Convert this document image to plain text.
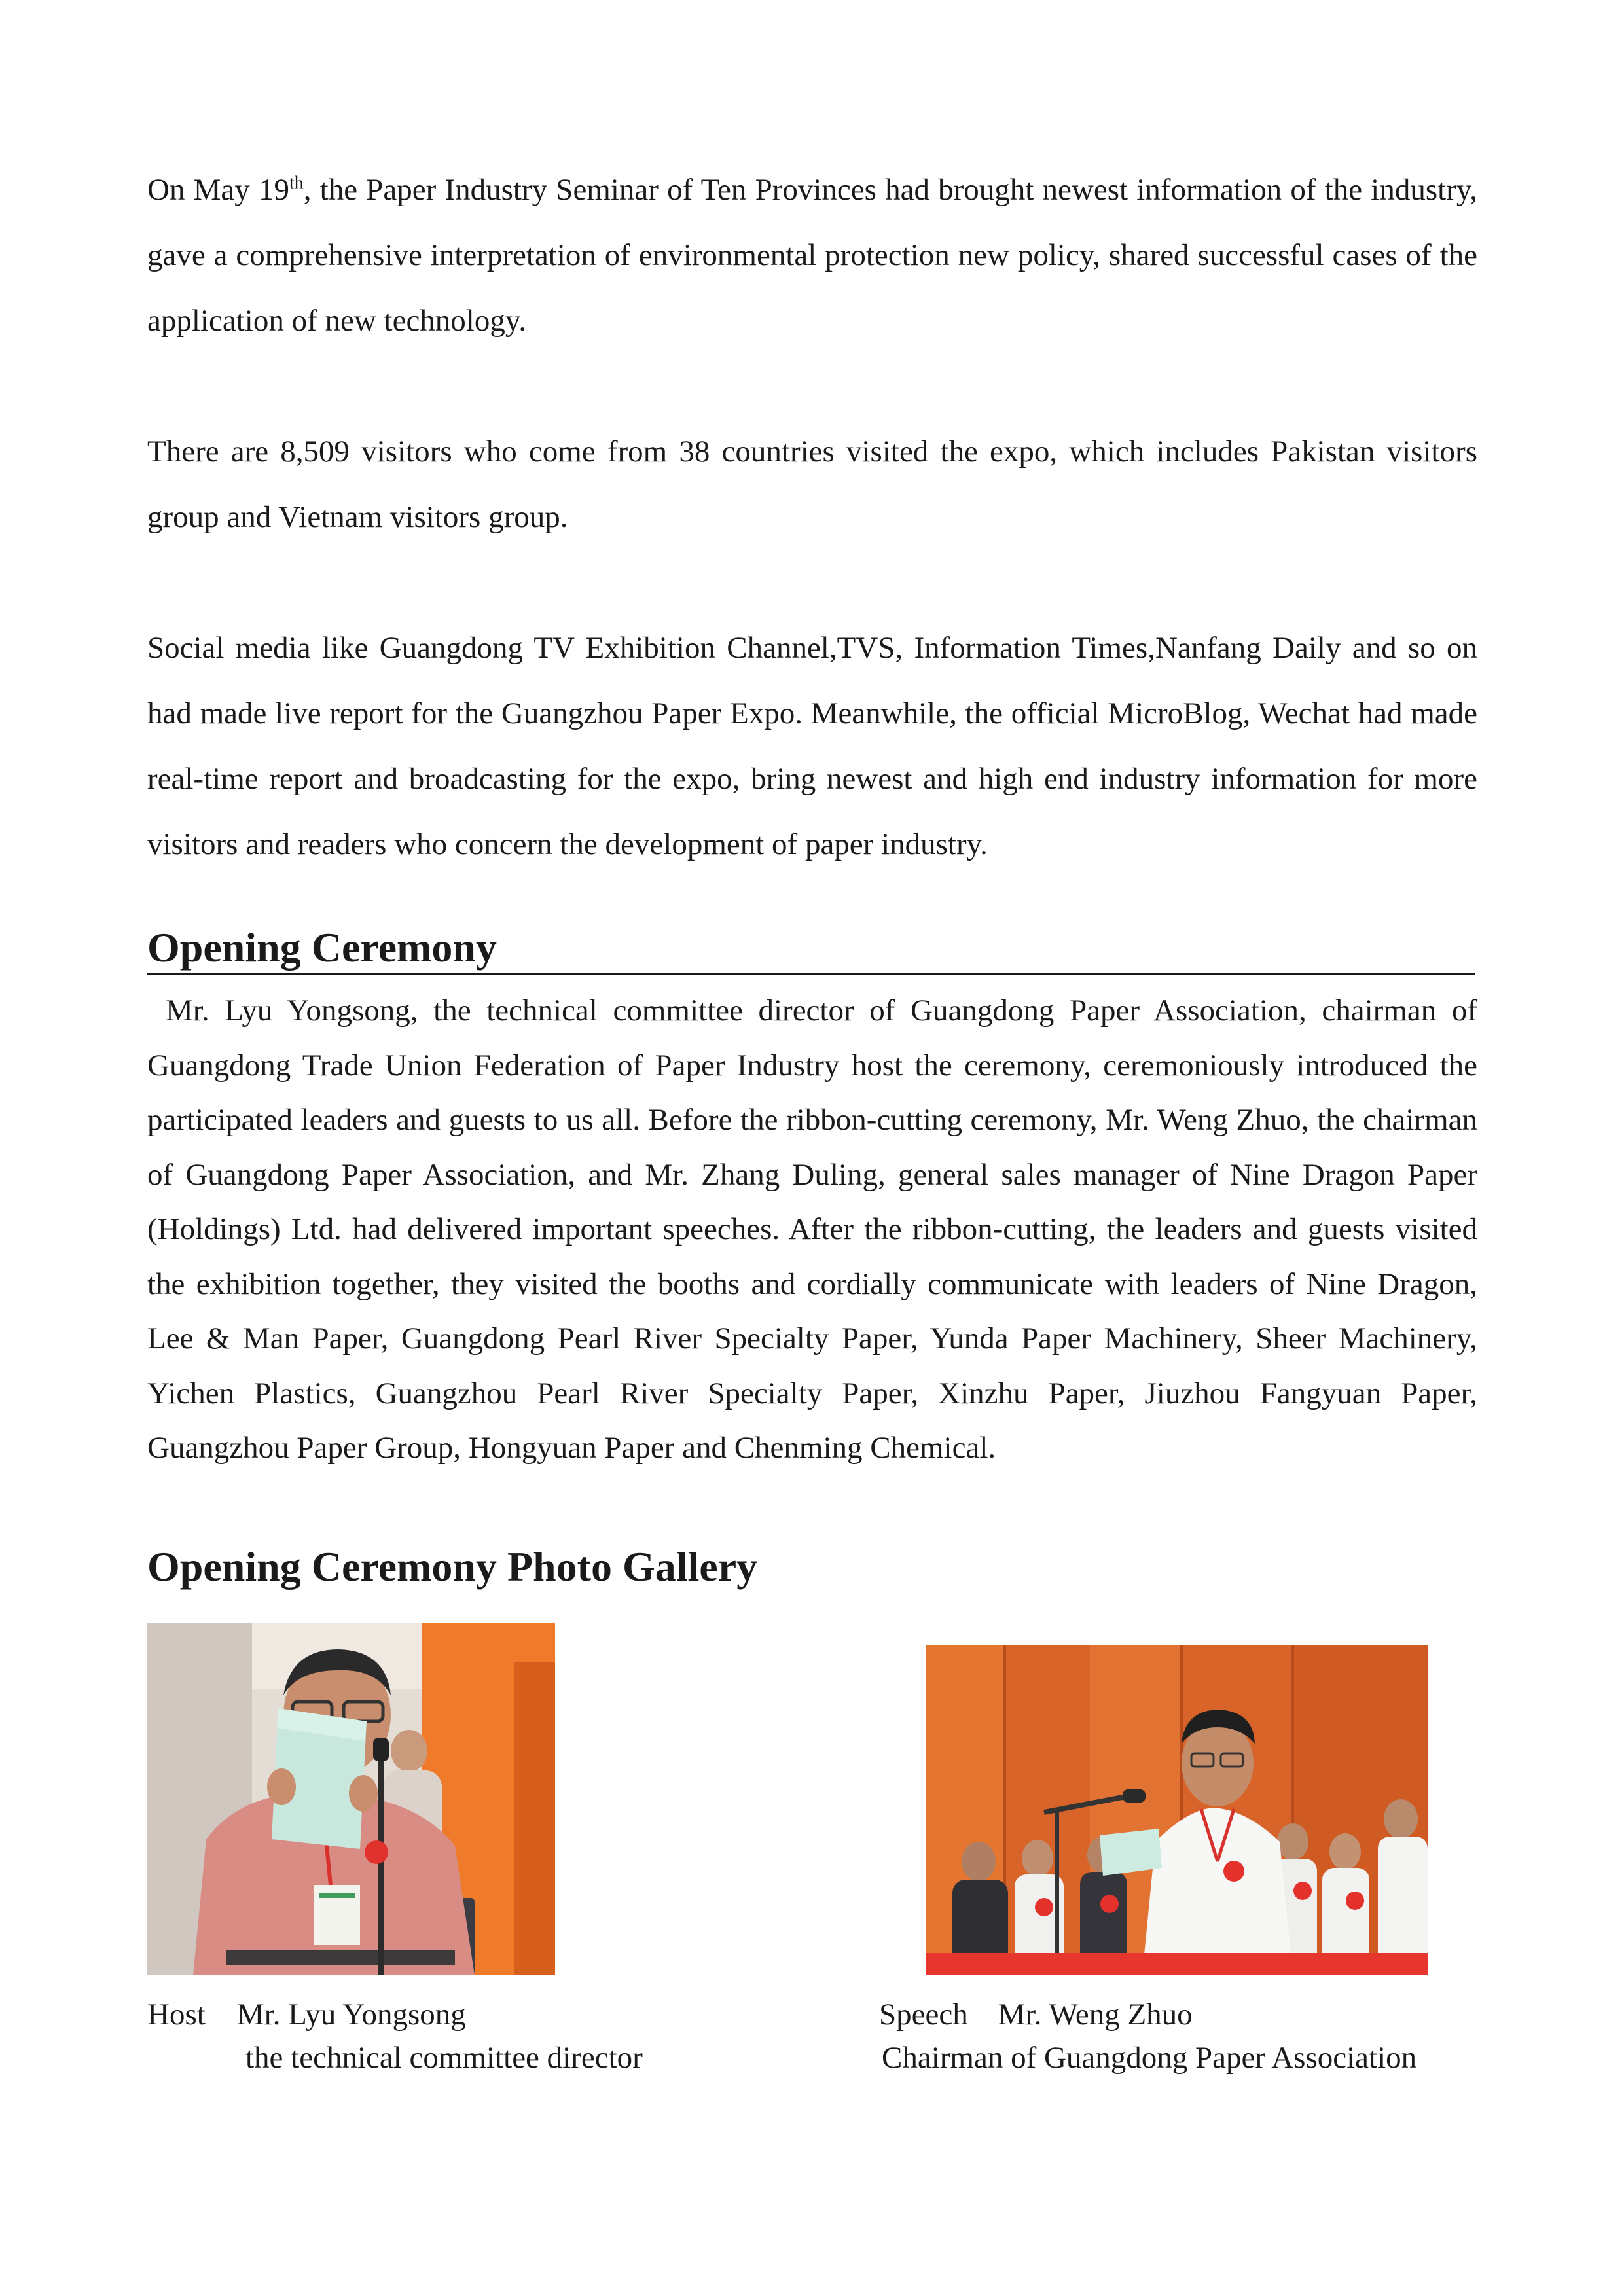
On May 19th, the Paper Industry Seminar of Ten Provinces had brought newest information of the industry, gave a comprehensive interpretation of environmental protection new policy, shared successful cases of the application of new technology.

There are 8,509 visitors who come from 38 countries visited the expo, which includes Pakistan visitors group and Vietnam visitors group.

Social media like Guangdong TV Exhibition Channel,TVS, Information Times,Nanfang Daily and so on had made live report for the Guangzhou Paper Expo. Meanwhile, the official MicroBlog, Wechat had made real-time report and broadcasting for the expo, bring newest and high end industry information for more visitors and readers who concern the development of paper industry.

Opening Ceremony

Mr. Lyu Yongsong, the technical committee director of Guangdong Paper Association, chairman of Guangdong Trade Union Federation of Paper Industry host the ceremony, ceremoniously introduced the participated leaders and guests to us all. Before the ribbon-cutting ceremony, Mr. Weng Zhuo, the chairman of Guangdong Paper Association, and Mr. Zhang Duling, general sales manager of Nine Dragon Paper (Holdings) Ltd. had delivered important speeches. After the ribbon-cutting, the leaders and guests visited the exhibition together, they visited the booths and cordially communicate with leaders of Nine Dragon, Lee & Man Paper, Guangdong Pearl River Specialty Paper, Yunda Paper Machinery, Sheer Machinery, Yichen Plastics, Guangzhou Pearl River Specialty Paper, Xinzhu Paper, Jiuzhou Fangyuan Paper, Guangzhou Paper Group, Hongyuan Paper and Chenming Chemical.

Opening Ceremony Photo Gallery

Host Mr. Lyu Yongsong

the technical committee director

Speech Mr. Weng Zhuo

Chairman of Guangdong Paper Association
